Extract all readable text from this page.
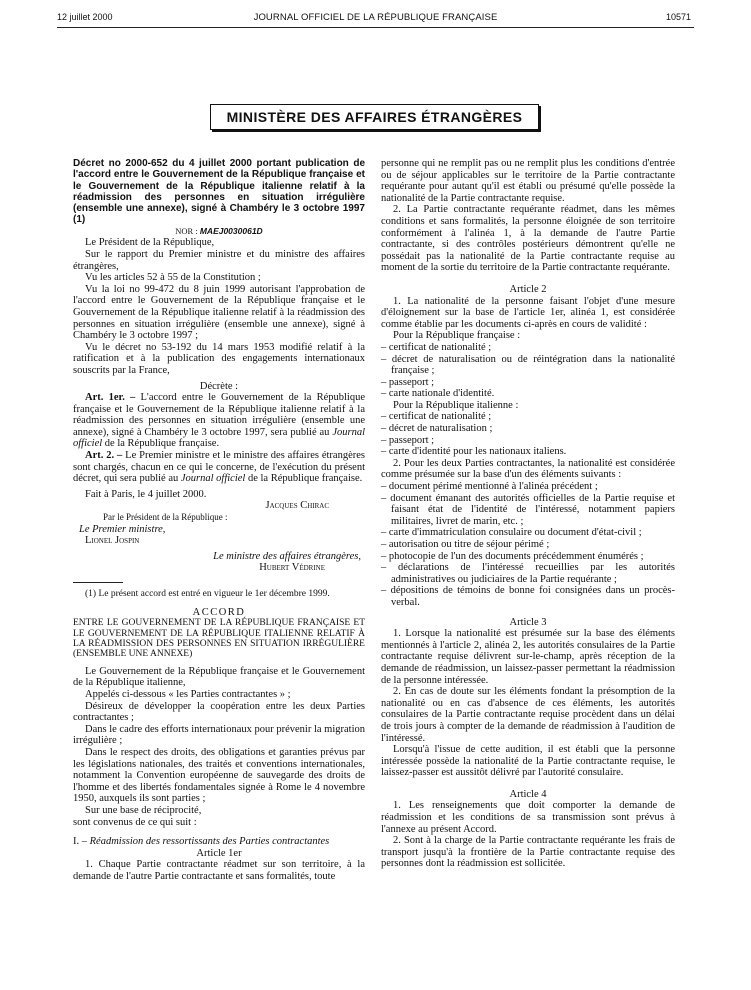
12 juillet 2000	JOURNAL OFFICIEL DE LA RÉPUBLIQUE FRANÇAISE	10571
MINISTÈRE DES AFFAIRES ÉTRANGÈRES

Décret no 2000-652 du 4 juillet 2000 portant publication de l'accord entre le Gouvernement de la République française et le Gouvernement de la République italienne relatif à la réadmission des personnes en situation irrégulière (ensemble une annexe), signé à Chambéry le 3 octobre 1997 (1)

NOR : MAEJ0030061D

Le Président de la République,

Sur le rapport du Premier ministre et du ministre des affaires étrangères,

Vu les articles 52 à 55 de la Constitution ;

Vu la loi no 99-472 du 8 juin 1999 autorisant l'approbation de l'accord entre le Gouvernement de la République française et le Gouvernement de la République italienne relatif à la réadmission des personnes en situation irrégulière (ensemble une annexe), signé à Chambéry le 3 octobre 1997 ;

Vu le décret no 53-192 du 14 mars 1953 modifié relatif à la ratification et à la publication des engagements internationaux souscrits par la France,

Décrète :

Art. 1er. – L'accord entre le Gouvernement de la République française et le Gouvernement de la République italienne relatif à la réadmission des personnes en situation irrégulière (ensemble une annexe), signé à Chambéry le 3 octobre 1997, sera publié au Journal officiel de la République française.

Art. 2. – Le Premier ministre et le ministre des affaires étrangères sont chargés, chacun en ce qui le concerne, de l'exécution du présent décret, qui sera publié au Journal officiel de la République française.

Fait à Paris, le 4 juillet 2000.

Jacques Chirac

Par le Président de la République :

Le Premier ministre,

Lionel Jospin

Le ministre des affaires étrangères,

Hubert Védrine

(1) Le présent accord est entré en vigueur le 1er décembre 1999.

ACCORD

ENTRE LE GOUVERNEMENT DE LA RÉPUBLIQUE FRANÇAISE ET LE GOUVERNEMENT DE LA RÉPUBLIQUE ITALIENNE RELATIF À LA RÉADMISSION DES PERSONNES EN SITUATION IRRÉGULIÈRE (ENSEMBLE UNE ANNEXE)

Le Gouvernement de la République française et le Gouvernement de la République italienne,

Appelés ci-dessous « les Parties contractantes » ;

Désireux de développer la coopération entre les deux Parties contractantes ;

Dans le cadre des efforts internationaux pour prévenir la migration irrégulière ;

Dans le respect des droits, des obligations et garanties prévus par les législations nationales, des traités et conventions internationales, notamment la Convention européenne de sauvegarde des droits de l'homme et des libertés fondamentales signée à Rome le 4 novembre 1950, auxquels ils sont parties ;

Sur une base de réciprocité,

sont convenus de ce qui suit :

I. – Réadmission des ressortissants des Parties contractantes

Article 1er

1. Chaque Partie contractante réadmet sur son territoire, à la demande de l'autre Partie contractante et sans formalités, toute

personne qui ne remplit pas ou ne remplit plus les conditions d'entrée ou de séjour applicables sur le territoire de la Partie contractante requérante pour autant qu'il est établi ou présumé qu'elle possède la nationalité de la Partie contractante requise.

2. La Partie contractante requérante réadmet, dans les mêmes conditions et sans formalités, la personne éloignée de son territoire conformément à l'alinéa 1, à la demande de l'autre Partie contractante, si des contrôles postérieurs démontrent qu'elle ne possédait pas la nationalité de la Partie contractante requise au moment de la sortie du territoire de la Partie contractante requérante.

Article 2

1. La nationalité de la personne faisant l'objet d'une mesure d'éloignement sur la base de l'article 1er, alinéa 1, est considérée comme établie par les documents ci-après en cours de validité :

Pour la République française :

– certificat de nationalité ;

– décret de naturalisation ou de réintégration dans la nationalité française ;

– passeport ;

– carte nationale d'identité.

Pour la République italienne :

– certificat de nationalité ;

– décret de naturalisation ;

– passeport ;

– carte d'identité pour les nationaux italiens.

2. Pour les deux Parties contractantes, la nationalité est considérée comme présumée sur la base d'un des éléments suivants :

– document périmé mentionné à l'alinéa précédent ;

– document émanant des autorités officielles de la Partie requise et faisant état de l'identité de l'intéressé, notamment papiers militaires, livret de marin, etc. ;

– carte d'immatriculation consulaire ou document d'état-civil ;

– autorisation ou titre de séjour périmé ;

– photocopie de l'un des documents précédemment énumérés ;

– déclarations de l'intéressé recueillies par les autorités administratives ou judiciaires de la Partie requérante ;

– dépositions de témoins de bonne foi consignées dans un procès-verbal.

Article 3

1. Lorsque la nationalité est présumée sur la base des éléments mentionnés à l'article 2, alinéa 2, les autorités consulaires de la Partie contractante requise délivrent sur-le-champ, après réception de la demande de réadmission, un laissez-passer permettant la réadmission de la personne intéressée.

2. En cas de doute sur les éléments fondant la présomption de la nationalité ou en cas d'absence de ces éléments, les autorités consulaires de la Partie contractante requise procèdent dans un délai de trois jours à compter de la demande de réadmission à l'audition de l'intéressé.

Lorsqu'à l'issue de cette audition, il est établi que la personne intéressée possède la nationalité de la Partie contractante requise, le laissez-passer est aussitôt délivré par l'autorité consulaire.

Article 4

1. Les renseignements que doit comporter la demande de réadmission et les conditions de sa transmission sont prévus à l'annexe au présent Accord.

2. Sont à la charge de la Partie contractante requérante les frais de transport jusqu'à la frontière de la Partie contractante requise des personnes dont la réadmission est sollicitée.
